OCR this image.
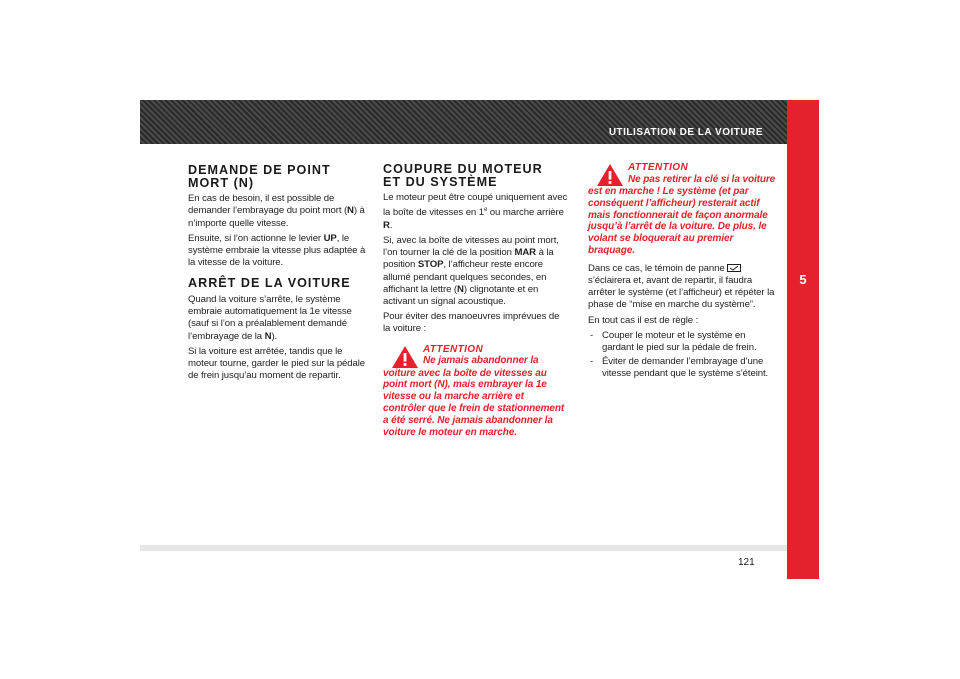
UTILISATION DE LA VOITURE
5
DEMANDE DE POINT
MORT (N)

En cas de besoin, il est possible de demander l’embrayage du point mort (N) à n’importe quelle vitesse.

Ensuite, si l’on actionne le levier UP, le système embraie la vitesse plus adaptée à la vitesse de la voiture.

ARRÊT DE LA VOITURE

Quand la voiture s’arrête, le système embraie automatiquement la 1e vitesse (sauf si l’on a préalablement demandé l’embrayage de la N).

Si la voiture est arrêtée, tandis que le moteur tourne, garder le pied sur la pédale de frein jusqu’au moment de repartir.

COUPURE DU MOTEUR
ET DU SYSTÈME

Le moteur peut être coupé uniquement avec la boîte de vitesses en 1e ou marche arrière R.

Si, avec la boîte de vitesses au point mort, l’on tourner la clé de la position MAR à la position STOP, l’afficheur reste encore allumé pendant quelques secondes, en affichant la lettre (N) clignotante et en activant un signal acoustique.

Pour éviter des manoeuvres imprévues de la voiture :

ATTENTION
Ne jamais abandonner la
voiture avec la boîte de vitesses au point mort (N), mais embrayer la 1e vitesse ou la marche arrière et contrôler que le frein de stationnement a été serré. Ne jamais abandonner la voiture le moteur en marche.
ATTENTION
Ne pas retirer la clé si la voiture
est en marche ! Le système (et par conséquent l’afficheur) resterait actif mais fonctionnerait de façon anormale jusqu’à l’arrêt de la voiture. De plus, le volant se bloquerait au premier braquage.

Dans ce cas, le témoin de panne  s’éclairera et, avant de repartir, il faudra arrêter le système (et l’afficheur) et répéter la phase de “mise en marche du système”.

En tout cas il est de règle :

- Couper le moteur et le système en gardant le pied sur la pédale de frein.
- Éviter de demander l’embrayage d’une vitesse pendant que le système s’éteint.
121
